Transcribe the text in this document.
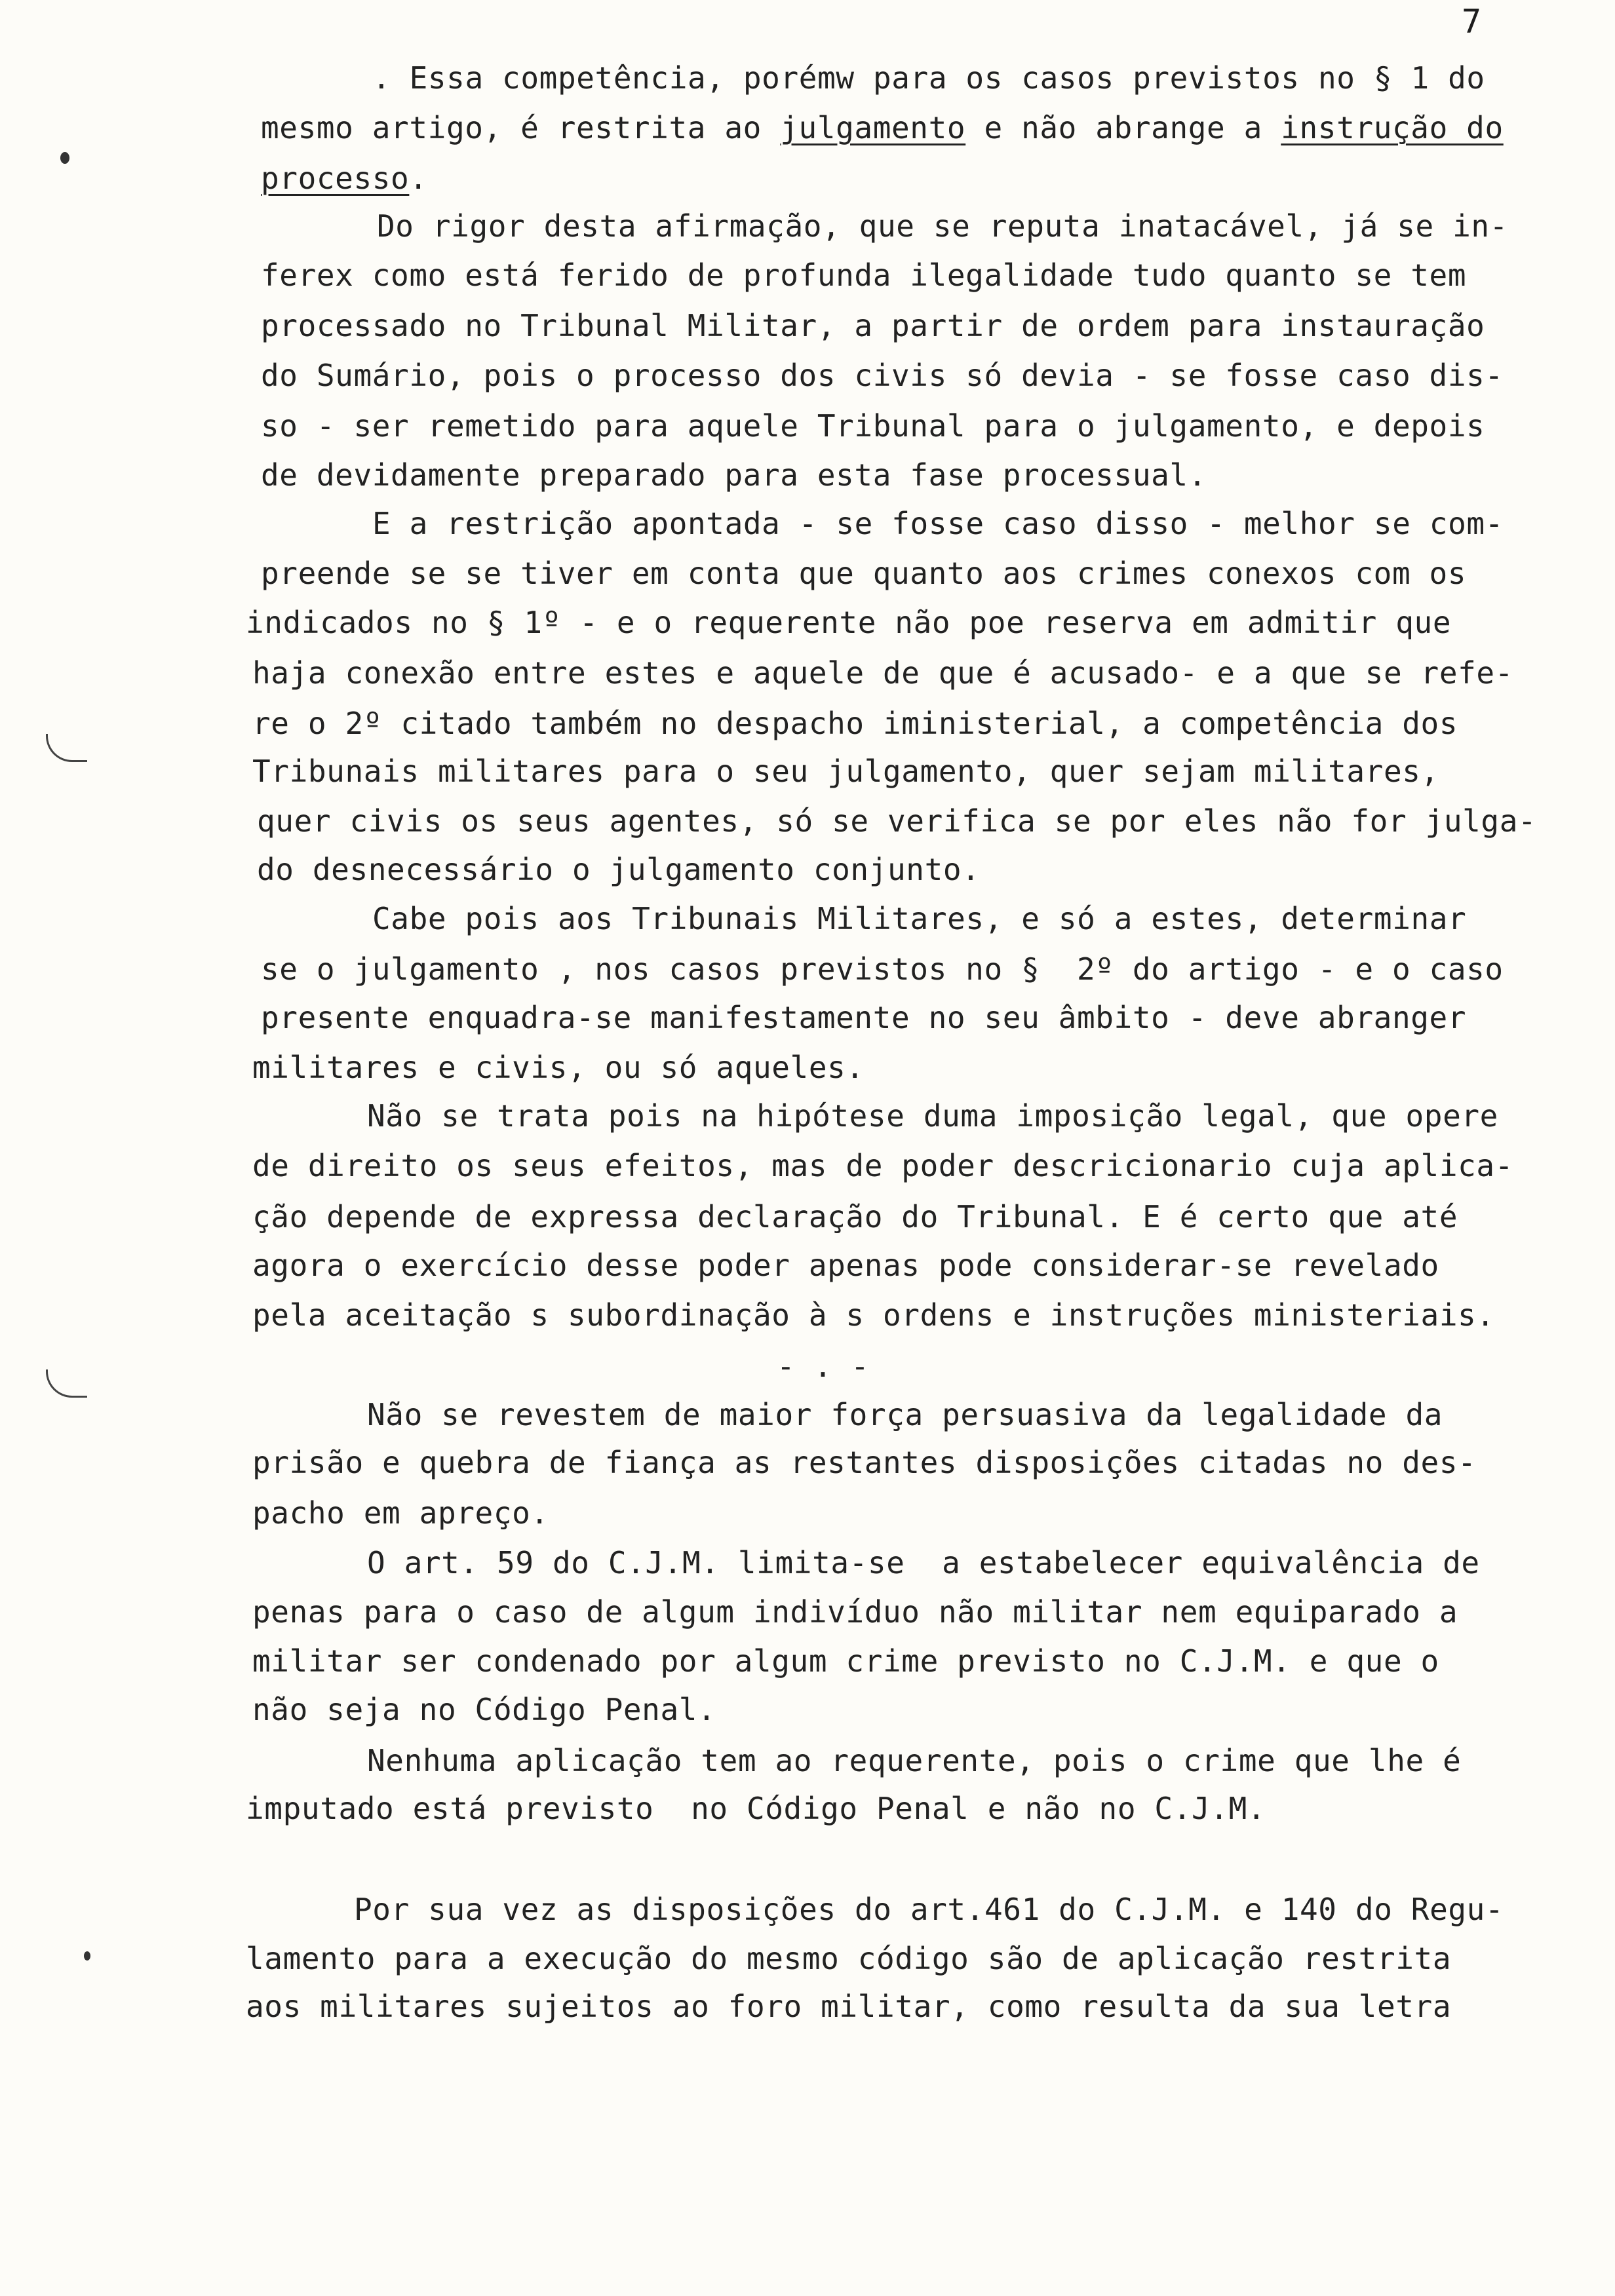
7
. Essa competência, porémw para os casos previstos no § 1 do
mesmo artigo, é restrita ao julgamento e não abrange a instrução do
processo.
Do rigor desta afirmação, que se reputa inatacável, já se in-
ferex como está ferido de profunda ilegalidade tudo quanto se tem
processado no Tribunal Militar, a partir de ordem para instauração
do Sumário, pois o processo dos civis só devia - se fosse caso dis-
so - ser remetido para aquele Tribunal para o julgamento, e depois
de devidamente preparado para esta fase processual.
E a restrição apontada - se fosse caso disso - melhor se com-
preende se se tiver em conta que quanto aos crimes conexos com os
indicados no § 1º - e o requerente não poe reserva em admitir que
haja conexão entre estes e aquele de que é acusado- e a que se refe-
re o 2º citado também no despacho iministerial, a competência dos
Tribunais militares para o seu julgamento, quer sejam militares,
quer civis os seus agentes, só se verifica se por eles não for julga-
do desnecessário o julgamento conjunto.
Cabe pois aos Tribunais Militares, e só a estes, determinar
se o julgamento , nos casos previstos no §  2º do artigo - e o caso
presente enquadra-se manifestamente no seu âmbito - deve abranger
militares e civis, ou só aqueles.
Não se trata pois na hipótese duma imposição legal, que opere
de direito os seus efeitos, mas de poder descricionario cuja aplica-
ção depende de expressa declaração do Tribunal. E é certo que até
agora o exercício desse poder apenas pode considerar-se revelado
pela aceitação s subordinação à s ordens e instruções ministeriais.
Não se revestem de maior força persuasiva da legalidade da
prisão e quebra de fiança as restantes disposições citadas no des-
pacho em apreço.
O art. 59 do C.J.M. limita-se  a estabelecer equivalência de
penas para o caso de algum indivíduo não militar nem equiparado a
militar ser condenado por algum crime previsto no C.J.M. e que o
não seja no Código Penal.
Nenhuma aplicação tem ao requerente, pois o crime que lhe é
imputado está previsto  no Código Penal e não no C.J.M.
Por sua vez as disposições do art.461 do C.J.M. e 140 do Regu-
lamento para a execução do mesmo código são de aplicação restrita
aos militares sujeitos ao foro militar, como resulta da sua letra
- . -
